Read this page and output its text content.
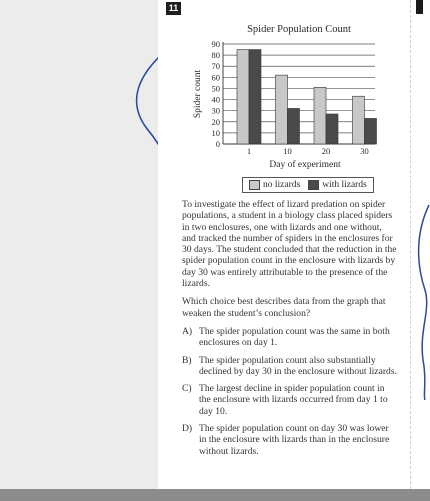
11
Spider Population Count
0
10
20
30
40
50
60
70
80
90
1	10	20	30
Day of experiment
Spider count
no lizards with lizards

To investigate the effect of lizard predation on spider populations, a student in a biology class placed spiders in two enclosures, one with lizards and one without, and tracked the number of spiders in the enclosures for 30 days. The student concluded that the reduction in the spider population count in the enclosure with lizards by day 30 was entirely attributable to the presence of the lizards.

Which choice best describes data from the graph that weaken the student’s conclusion?

A) The spider population count was the same in both enclosures on day 1.
B) The spider population count also substantially declined by day 30 in the enclosure without lizards.
C) The largest decline in spider population count in the enclosure with lizards occurred from day 1 to day 10.
D) The spider population count on day 30 was lower in the enclosure with lizards than in the enclosure without lizards.
